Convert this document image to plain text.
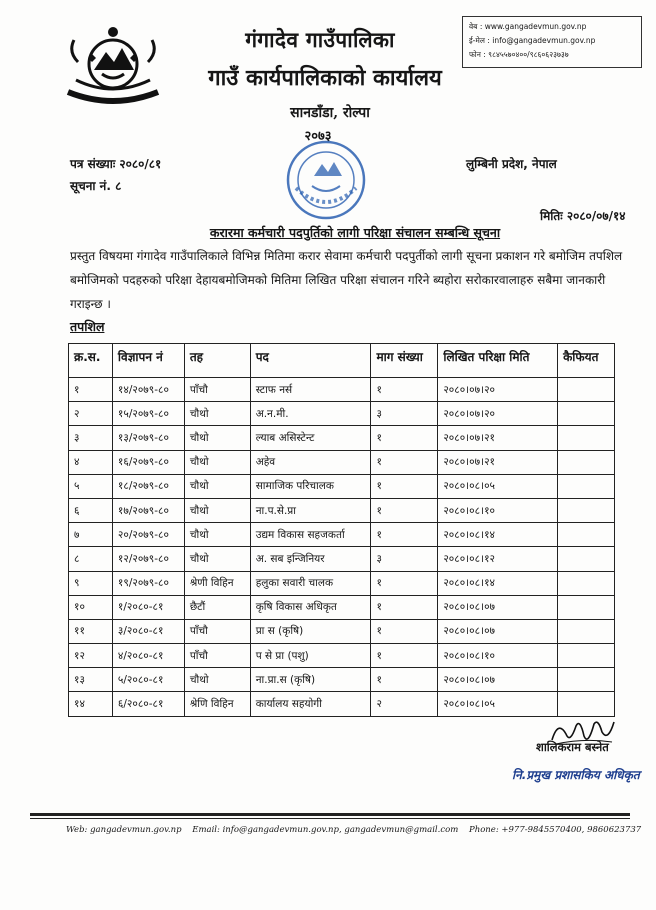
गंगादेव गाउँपालिका
गाउँ कार्यपालिकाको कार्यालय
सानडाँडा, रोल्पा
२०७३
वेब : www.gangadevmun.gov.np
ई-मेल : info@gangadevmun.gov.np
फोन : ९८४५५७०४००/९८६०६२३७३७
पत्र संख्याः २०८०/८१
सूचना नं. ८
लुम्बिनी प्रदेश, नेपाल
मितिः २०८०/०७/१४
करारमा कर्मचारी पदपुर्तिको लागी परिक्षा संचालन सम्बन्धि सूचना
प्रस्तुत विषयमा गंगादेव गाउँपालिकाले विभिन्न मितिमा करार सेवामा कर्मचारी पदपुर्तीको लागी सूचना प्रकाशन गरे बमोजिम तपशिल बमोजिमको पदहरुको परिक्षा देहायबमोजिमको मितिमा लिखित परिक्षा संचालन गरिने ब्यहोरा सरोकारवालाहरु सबैमा जानकारी गराइन्छ ।
तपशिल
क्र.स.	विज्ञापन नं	तह	पद	माग संख्या	लिखित परिक्षा मिति	कैफियत
१	१४/२०७९-८०	पाँचौ	स्टाफ नर्स	१	२०८०।०७।२०	
२	१५/२०७९-८०	चौथो	अ.न.मी.	३	२०८०।०७।२०	
३	१३/२०७९-८०	चौथो	ल्याब असिस्टेन्ट	१	२०८०।०७।२१	
४	१६/२०७९-८०	चौथो	अहेव	१	२०८०।०७।२१	
५	१८/२०७९-८०	चौथो	सामाजिक परिचालक	१	२०८०।०८।०५	
६	१७/२०७९-८०	चौथो	ना.प.से.प्रा	१	२०८०।०८।१०	
७	२०/२०७९-८०	चौथो	उद्यम विकास सहजकर्ता	१	२०८०।०८।१४	
८	१२/२०७९-८०	चौथो	अ. सब इन्जिनियर	३	२०८०।०८।१२	
९	१९/२०७९-८०	श्रेणी विहिन	हलुका सवारी चालक	१	२०८०।०८।१४	
१०	१/२०८०-८१	छैटौं	कृषि विकास अधिकृत	१	२०८०।०८।०७	
११	३/२०८०-८१	पाँचौ	प्रा स (कृषि)	१	२०८०।०८।०७	
१२	४/२०८०-८१	पाँचौ	प से प्रा (पशु)	१	२०८०।०८।१०	
१३	५/२०८०-८१	चौथो	ना.प्रा.स (कृषि)	१	२०८०।०८।०७	
१४	६/२०८०-८१	श्रेणि विहिन	कार्यालय सहयोगी	२	२०८०।०८।०५	
शालिकराम बस्नेत
नि.प्रमुख प्रशासकिय अधिकृत
Web: gangadevmun.gov.np Email: info@gangadevmun.gov.np, gangadevmun@gmail.com Phone: +977-9845570400, 9860623737
